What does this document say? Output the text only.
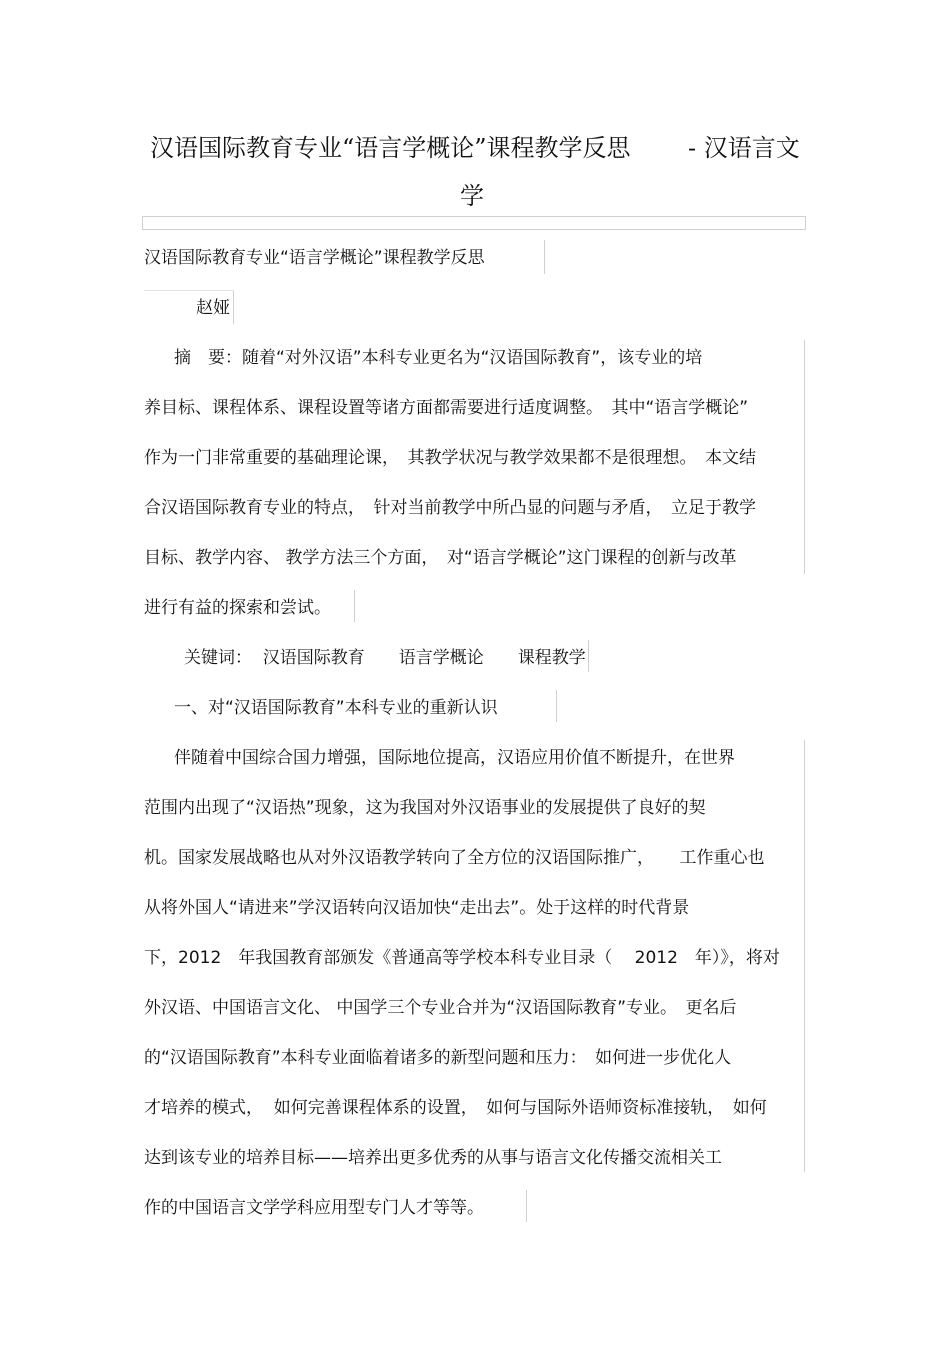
汉语国际教育专业“语言学概论”课程教学反思 - 汉语言文
学
汉语国际教育专业“语言学概论”课程教学反思
赵娅
摘　要：随着“对外汉语”本科专业更名为“汉语国际教育”，该专业的培
养目标、课程体系、课程设置等诸方面都需要进行适度调整。　其中“语言学概论”
作为一门非常重要的基础理论课，　其教学状况与教学效果都不是很理想。　本文结
合汉语国际教育专业的特点，　针对当前教学中所凸显的问题与矛盾，　立足于教学
目标、教学内容、 教学方法三个方面，　对“语言学概论”这门课程的创新与改革
进行有益的探索和尝试。
关键词：  汉语国际教育　　语言学概论　　课程教学
一、对“汉语国际教育”本科专业的重新认识
伴随着中国综合国力增强，国际地位提高，汉语应用价值不断提升，在世界
范围内出现了“汉语热”现象，这为我国对外汉语事业的发展提供了良好的契
机。国家发展战略也从对外汉语教学转向了全方位的汉语国际推广，　　工作重心也
从将外国人“请进来”学汉语转向汉语加快“走出去”。处于这样的时代背景
下，2012　年我国教育部颁发《普通高等学校本科专业目录（　 2012　年）》，将对
外汉语、中国语言文化、 中国学三个专业合并为“汉语国际教育”专业。　更名后
的“汉语国际教育”本科专业面临着诸多的新型问题和压力：　如何进一步优化人
才培养的模式，  如何完善课程体系的设置，　如何与国际外语师资标准接轨，　如何
达到该专业的培养目标——培养出更多优秀的从事与语言文化传播交流相关工
作的中国语言文学学科应用型专门人才等等。
